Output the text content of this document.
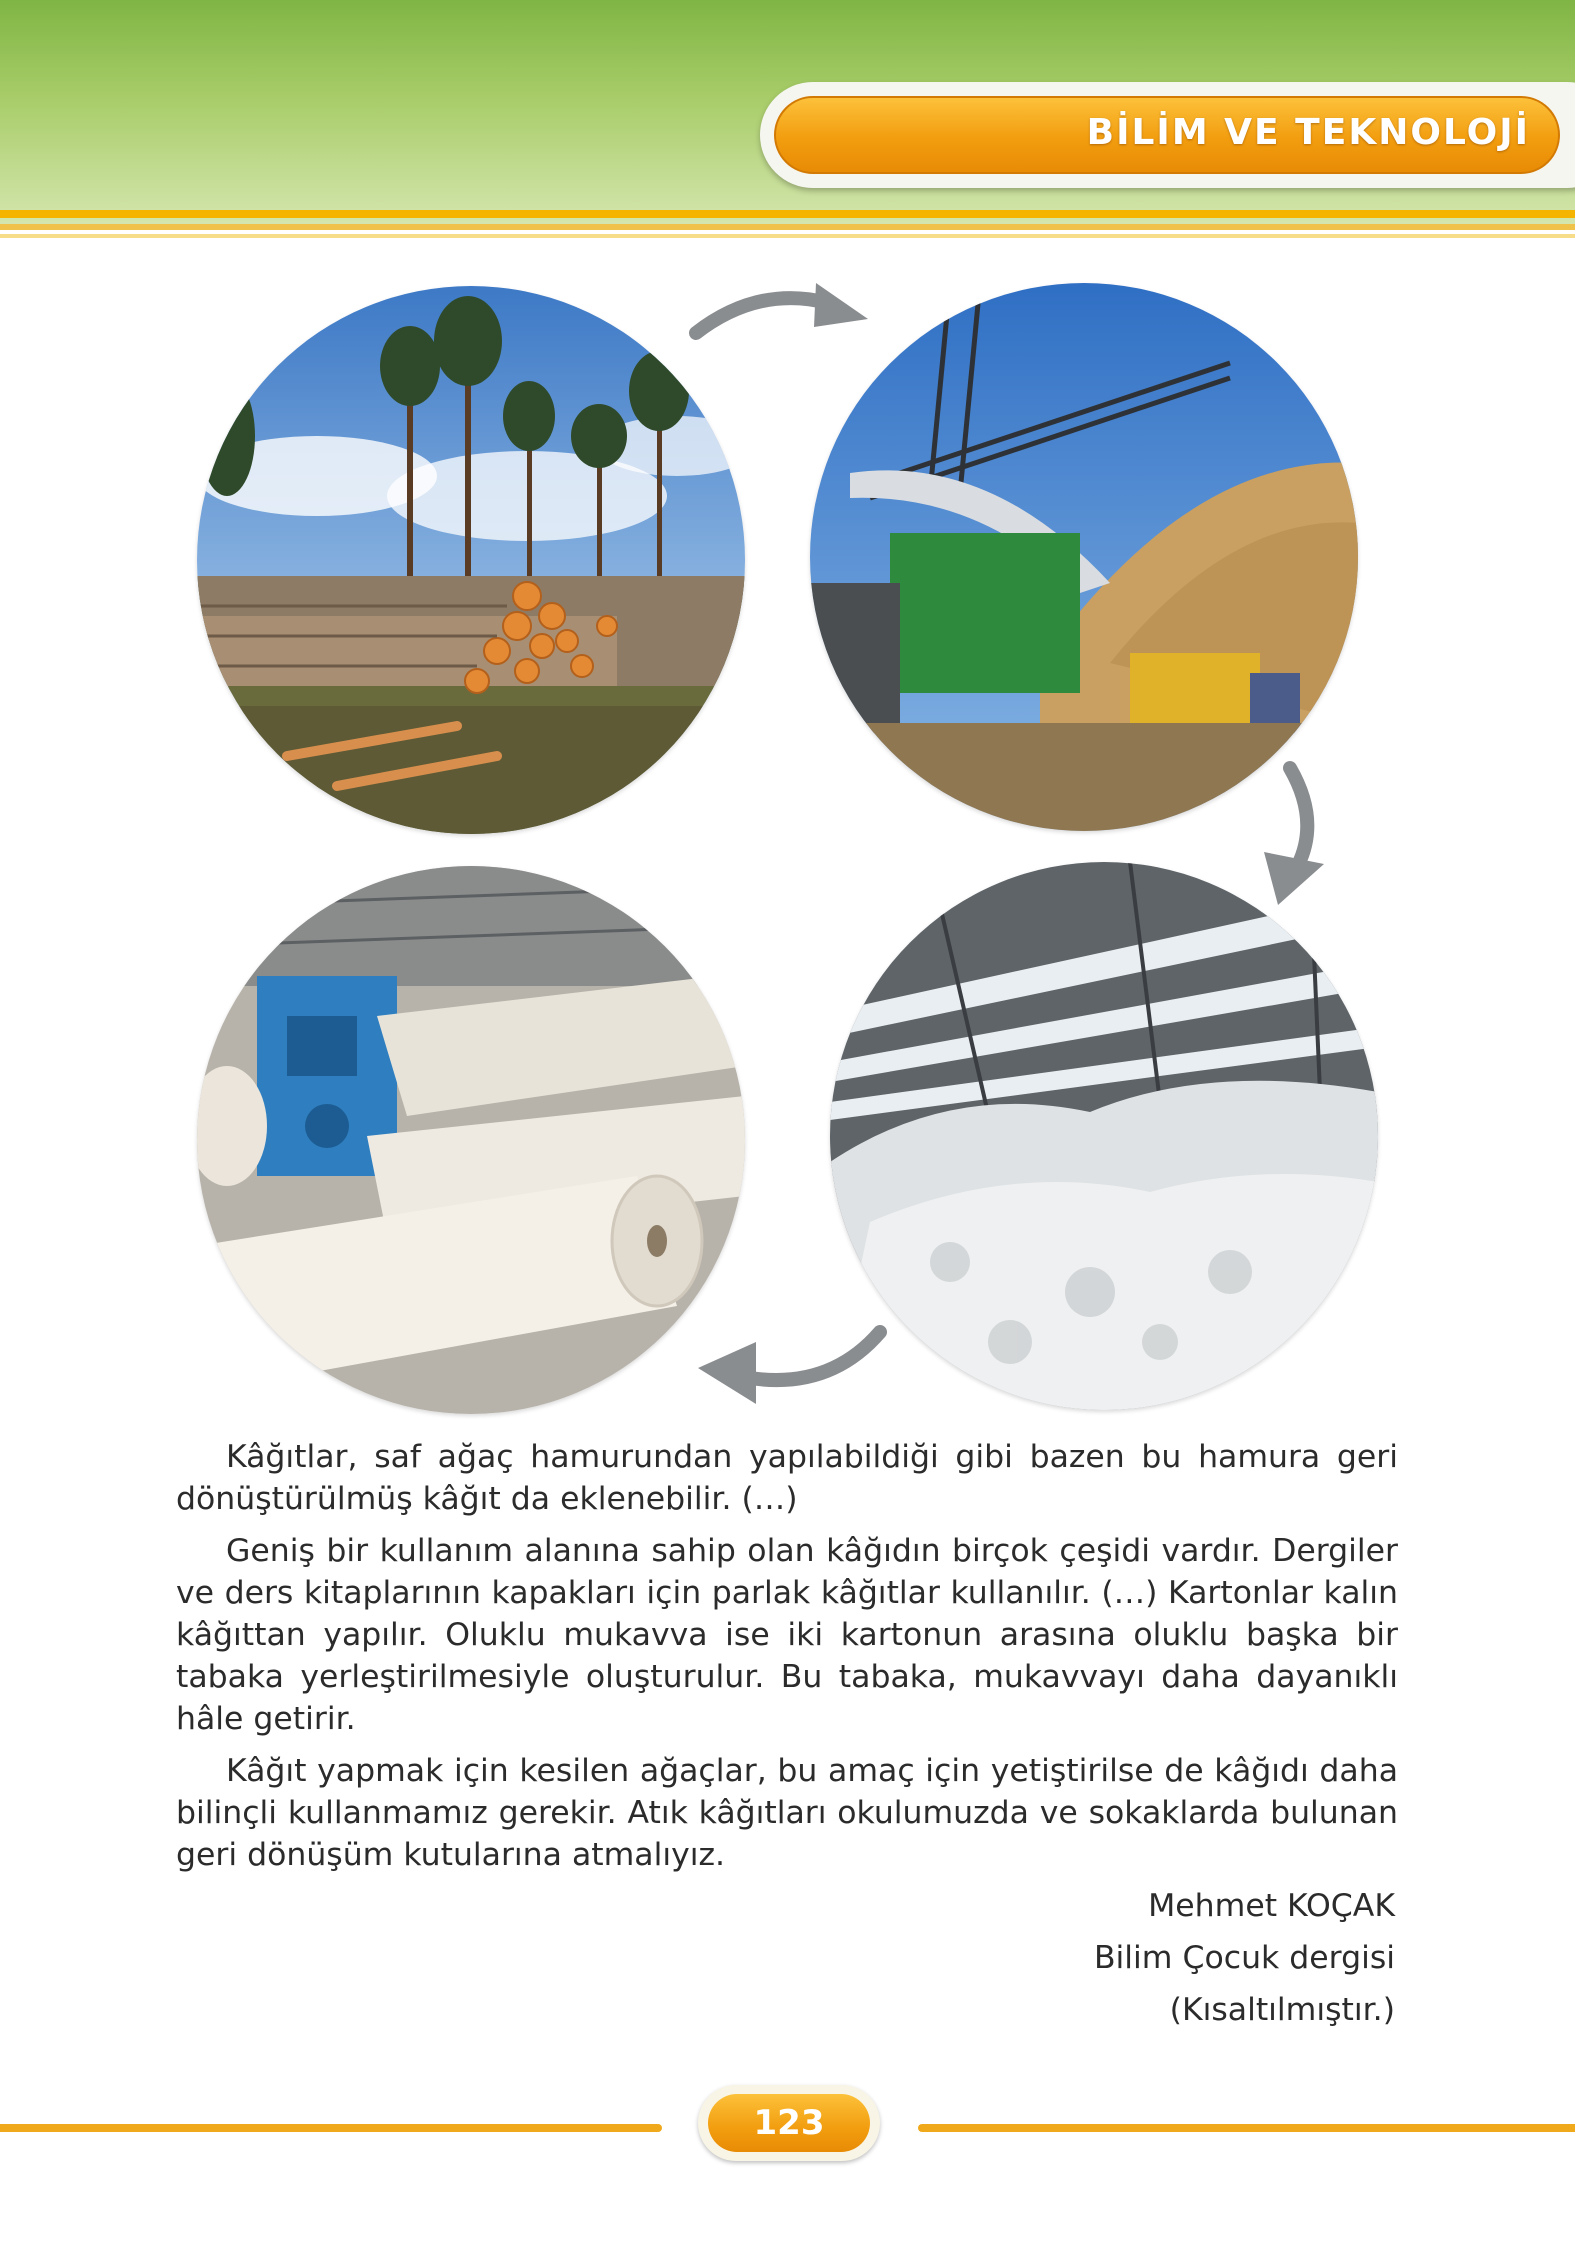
BİLİM VE TEKNOLOJİ

Kâğıtlar, saf ağaç hamurundan yapılabildiği gibi bazen bu hamura geri dönüştürülmüş kâğıt da eklenebilir. (…)

Geniş bir kullanım alanına sahip olan kâğıdın birçok çeşidi vardır. Dergiler ve ders kitaplarının kapakları için parlak kâğıtlar kullanılır. (…) Kartonlar kalın kâğıttan yapılır. Oluklu mukavva ise iki kartonun arasına oluklu başka bir tabaka yerleştirilmesiyle oluşturulur. Bu tabaka, mukavvayı daha dayanıklı hâle getirir.

Kâğıt yapmak için kesilen ağaçlar, bu amaç için yetiştirilse de kâğıdı daha bilinçli kullanmamız gerekir. Atık kâğıtları okulumuzda ve sokaklarda bulunan geri dönüşüm kutularına atmalıyız.

Mehmet KOÇAK
Bilim Çocuk dergisi
(Kısaltılmıştır.)
123
